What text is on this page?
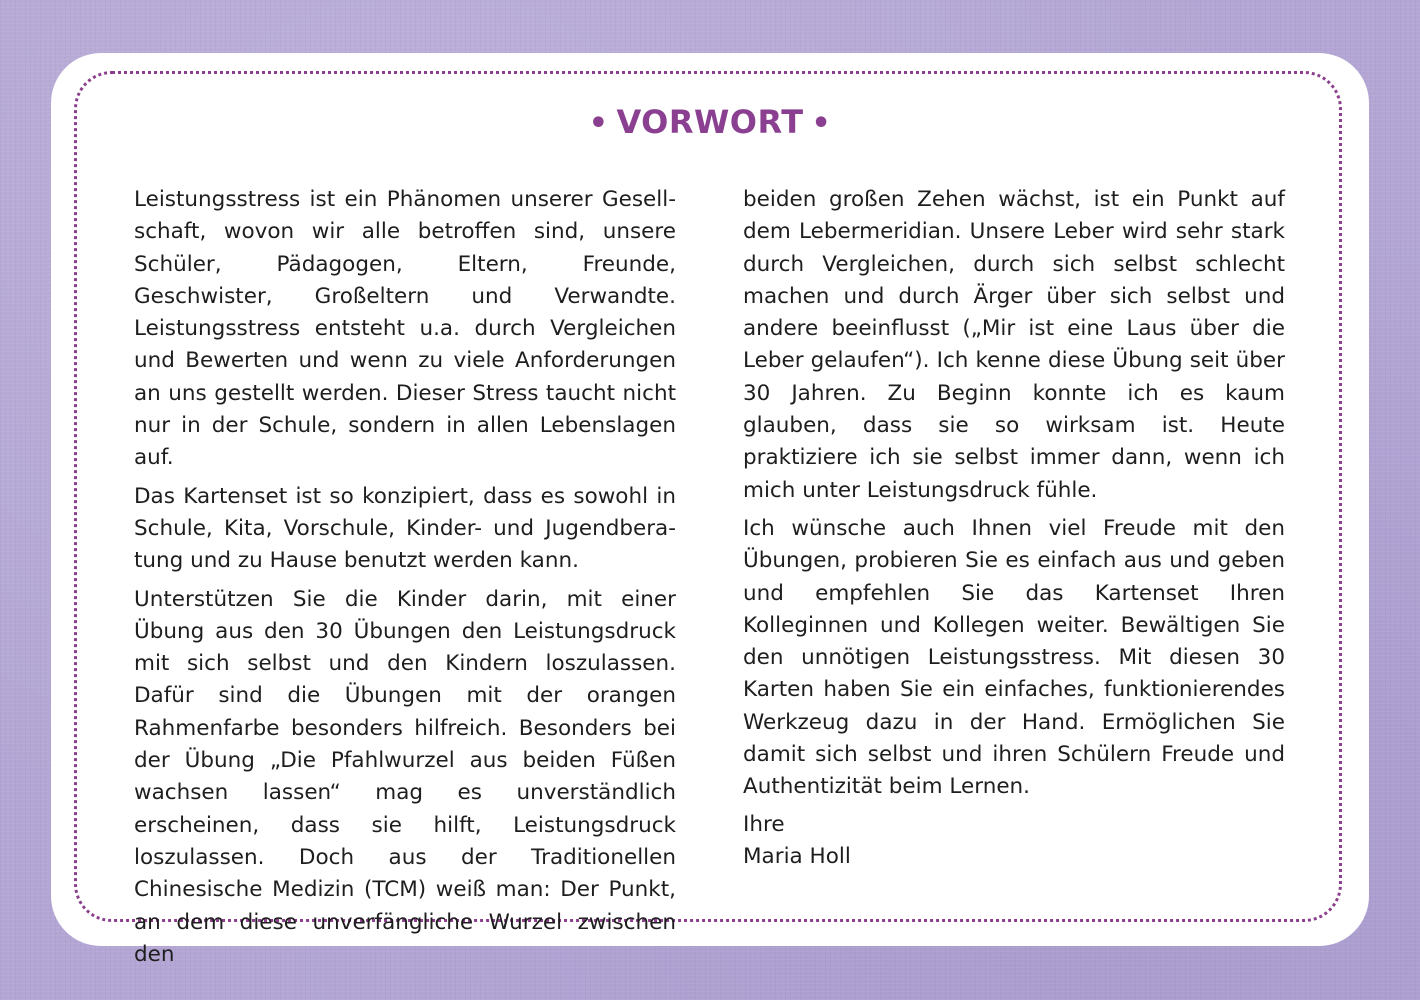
• VORWORT •

Leistungsstress ist ein Phänomen unserer Gesellschaft, wovon wir alle betroffen sind, unsere Schüler, Pädagogen, Eltern, Freunde, Geschwister, Großeltern und Verwandte. Leistungsstress entsteht u.a. durch Vergleichen und Bewerten und wenn zu viele Anforderungen an uns gestellt werden. Dieser Stress taucht nicht nur in der Schule, sondern in allen Lebenslagen auf.

Das Kartenset ist so konzipiert, dass es sowohl in Schule, Kita, Vorschule, Kinder- und Jugendberatung und zu Hause benutzt werden kann.

Unterstützen Sie die Kinder darin, mit einer Übung aus den 30 Übungen den Leistungsdruck mit sich selbst und den Kindern loszulassen. Dafür sind die Übungen mit der orangen Rahmenfarbe besonders hilfreich. Besonders bei der Übung „Die Pfahlwurzel aus beiden Füßen wachsen lassen“ mag es unverständlich erscheinen, dass sie hilft, Leistungsdruck loszulassen. Doch aus der Traditionellen Chinesische Medizin (TCM) weiß man: Der Punkt, an dem diese unverfängliche Wurzel zwischen den

beiden großen Zehen wächst, ist ein Punkt auf dem Lebermeridian. Unsere Leber wird sehr stark durch Vergleichen, durch sich selbst schlecht machen und durch Ärger über sich selbst und andere beeinflusst („Mir ist eine Laus über die Leber gelaufen“). Ich kenne diese Übung seit über 30 Jahren. Zu Beginn konnte ich es kaum glauben, dass sie so wirksam ist. Heute praktiziere ich sie selbst immer dann, wenn ich mich unter Leistungsdruck fühle.

Ich wünsche auch Ihnen viel Freude mit den Übungen, probieren Sie es einfach aus und geben und empfehlen Sie das Kartenset Ihren Kolleginnen und Kollegen weiter. Bewältigen Sie den unnötigen Leistungsstress. Mit diesen 30 Karten haben Sie ein einfaches, funktionierendes Werkzeug dazu in der Hand. Ermöglichen Sie damit sich selbst und ihren Schülern Freude und Authentizität beim Lernen.

Ihre
Maria Holl
